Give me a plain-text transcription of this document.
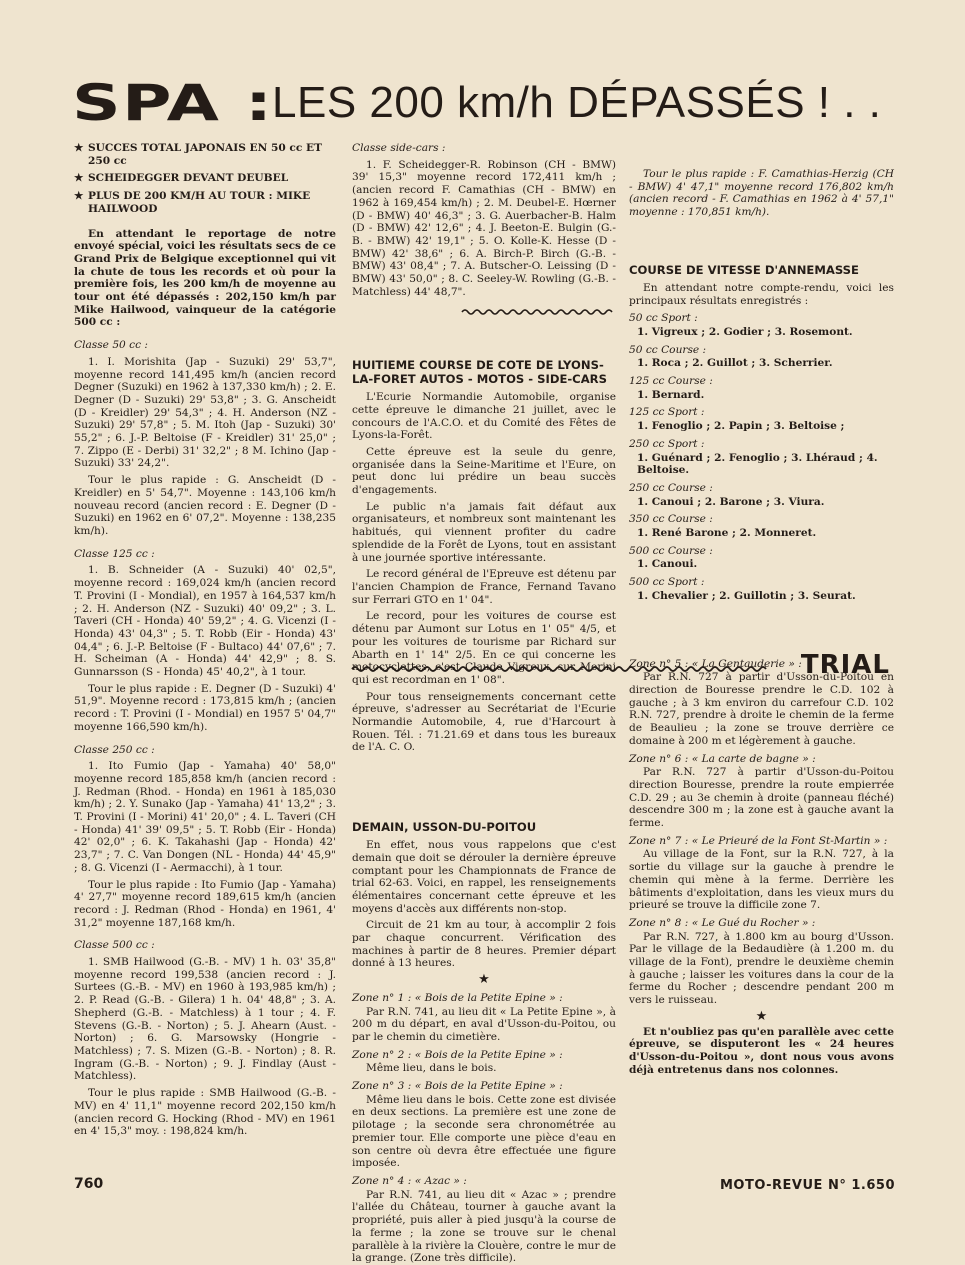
SPA :
LES 200 km/h DÉPASSÉS ! . .
★ SUCCES TOTAL JAPONAIS EN 50 cc ET 250 cc
★ SCHEIDEGGER DEVANT DEUBEL
★ PLUS DE 200 KM/H AU TOUR : MIKE HAILWOOD

En attendant le reportage de notre envoyé spécial, voici les résultats secs de ce Grand Prix de Belgique exceptionnel qui vit la chute de tous les records et où pour la première fois, les 200 km/h de moyenne au tour ont été dépassés : 202,150 km/h par Mike Hailwood, vainqueur de la catégorie 500 cc :

Classe 50 cc :

1. I. Morishita (Jap - Suzuki) 29' 53,7", moyenne record 141,495 km/h (ancien record Degner (Suzuki) en 1962 à 137,330 km/h) ; 2. E. Degner (D - Suzuki) 29' 53,8" ; 3. G. Anscheidt (D - Kreidler) 29' 54,3" ; 4. H. Anderson (NZ - Suzuki) 29' 57,8" ; 5. M. Itoh (Jap - Suzuki) 30' 55,2" ; 6. J.-P. Beltoise (F - Kreidler) 31' 25,0" ; 7. Zippo (E - Derbi) 31' 32,2" ; 8 M. Ichino (Jap - Suzuki) 33' 24,2".

Tour le plus rapide : G. Anscheidt (D - Kreidler) en 5' 54,7". Moyenne : 143,106 km/h nouveau record (ancien record : E. Degner (D - Suzuki) en 1962 en 6' 07,2". Moyenne : 138,235 km/h).

Classe 125 cc :

1. B. Schneider (A - Suzuki) 40' 02,5", moyenne record : 169,024 km/h (ancien record T. Provini (I - Mondial), en 1957 à 164,537 km/h ; 2. H. Anderson (NZ - Suzuki) 40' 09,2" ; 3. L. Taveri (CH - Honda) 40' 59,2" ; 4. G. Vicenzi (I - Honda) 43' 04,3" ; 5. T. Robb (Eir - Honda) 43' 04,4" ; 6. J.-P. Beltoise (F - Bultaco) 44' 07,6" ; 7. H. Scheiman (A - Honda) 44' 42,9" ; 8. S. Gunnarsson (S - Honda) 45' 40,2", à 1 tour.

Tour le plus rapide : E. Degner (D - Suzuki) 4' 51,9". Moyenne record : 173,815 km/h ; (ancien record : T. Provini (I - Mondial) en 1957 5' 04,7" moyenne 166,590 km/h).

Classe 250 cc :

1. Ito Fumio (Jap - Yamaha) 40' 58,0" moyenne record 185,858 km/h (ancien record : J. Redman (Rhod. - Honda) en 1961 à 185,030 km/h) ; 2. Y. Sunako (Jap - Yamaha) 41' 13,2" ; 3. T. Provini (I - Morini) 41' 20,0" ; 4. L. Taveri (CH - Honda) 41' 39' 09,5" ; 5. T. Robb (Eir - Honda) 42' 02,0" ; 6. K. Takahashi (Jap - Honda) 42' 23,7" ; 7. C. Van Dongen (NL - Honda) 44' 45,9" ; 8. G. Vicenzi (I - Aermacchi), à 1 tour.

Tour le plus rapide : Ito Fumio (Jap - Yamaha) 4' 27,7" moyenne record 189,615 km/h (ancien record : J. Redman (Rhod - Honda) en 1961, 4' 31,2" moyenne 187,168 km/h.

Classe 500 cc :

1. SMB Hailwood (G.-B. - MV) 1 h. 03' 35,8" moyenne record 199,538 (ancien record : J. Surtees (G.-B. - MV) en 1960 à 193,985 km/h) ; 2. P. Read (G.-B. - Gilera) 1 h. 04' 48,8" ; 3. A. Shepherd (G.-B. - Matchless) à 1 tour ; 4. F. Stevens (G.-B. - Norton) ; 5. J. Ahearn (Aust. - Norton) ; 6. G. Marsowsky (Hongrie - Matchless) ; 7. S. Mizen (G.-B. - Norton) ; 8. R. Ingram (G.-B. - Norton) ; 9. J. Findlay (Aust - Matchless).

Tour le plus rapide : SMB Hailwood (G.-B. - MV) en 4' 11,1" moyenne record 202,150 km/h (ancien record G. Hocking (Rhod - MV) en 1961 en 4' 15,3" moy. : 198,824 km/h.

Classe side-cars :

1. F. Scheidegger-R. Robinson (CH - BMW) 39' 15,3" moyenne record 172,411 km/h ; (ancien record F. Camathias (CH - BMW) en 1962 à 169,454 km/h) ; 2. M. Deubel-E. Hœrner (D - BMW) 40' 46,3" ; 3. G. Auerbacher-B. Halm (D - BMW) 42' 12,6" ; 4. J. Beeton-E. Bulgin (G.-B. - BMW) 42' 19,1" ; 5. O. Kolle-K. Hesse (D - BMW) 42' 38,6" ; 6. A. Birch-P. Birch (G.-B. - BMW) 43' 08,4" ; 7. A. Butscher-O. Leissing (D - BMW) 43' 50,0" ; 8. C. Seeley-W. Rowling (G.-B. - Matchless) 44' 48,7".

HUITIEME COURSE DE COTE DE LYONS-LA-FORET AUTOS - MOTOS - SIDE-CARS

L'Ecurie Normandie Automobile, organise cette épreuve le dimanche 21 juillet, avec le concours de l'A.C.O. et du Comité des Fêtes de Lyons-la-Forêt.

Cette épreuve est la seule du genre, organisée dans la Seine-Maritime et l'Eure, on peut donc lui prédire un beau succès d'engagements.

Le public n'a jamais fait défaut aux organisateurs, et nombreux sont maintenant les habitués, qui viennent profiter du cadre splendide de la Forêt de Lyons, tout en assistant à une journée sportive intéressante.

Le record général de l'Epreuve est détenu par l'ancien Champion de France, Fernand Tavano sur Ferrari GTO en 1' 04".

Le record, pour les voitures de course est détenu par Aumont sur Lotus en 1' 05" 4/5, et pour les voitures de tourisme par Richard sur Abarth en 1' 14" 2/5. En ce qui concerne les motocyclettes, c'est Claude Vigreux, sur Morini qui est recordman en 1' 08".

Pour tous renseignements concernant cette épreuve, s'adresser au Secrétariat de l'Ecurie Normandie Automobile, 4, rue d'Harcourt à Rouen. Tél. : 71.21.69 et dans tous les bureaux de l'A. C. O.

DEMAIN, USSON-DU-POITOU

En effet, nous vous rappelons que c'est demain que doit se dérouler la dernière épreuve comptant pour les Championnats de France de trial 62-63. Voici, en rappel, les renseignements élémentaires concernant cette épreuve et les moyens d'accès aux différents non-stop.

Circuit de 21 km au tour, à accomplir 2 fois par chaque concurrent. Vérification des machines à partir de 8 heures. Premier départ donné à 13 heures.

★
Zone n° 1 : « Bois de la Petite Epine » :

Par R.N. 741, au lieu dit « La Petite Epine », à 200 m du départ, en aval d'Usson-du-Poitou, ou par le chemin du cimetière.

Zone n° 2 : « Bois de la Petite Epine » :

Même lieu, dans le bois.

Zone n° 3 : « Bois de la Petite Epine » :

Même lieu dans le bois. Cette zone est divisée en deux sections. La première est une zone de pilotage ; la seconde sera chronométrée au premier tour. Elle comporte une pièce d'eau en son centre où devra être effectuée une figure imposée.

Zone n° 4 : « Azac » :

Par R.N. 741, au lieu dit « Azac » ; prendre l'allée du Château, tourner à gauche avant la propriété, puis aller à pied jusqu'à la course de la ferme ; la zone se trouve sur le chenal parallèle à la rivière la Clouère, contre le mur de la grange. (Zone très difficile).

Tour le plus rapide : F. Camathias-Herzig (CH - BMW) 4' 47,1" moyenne record 176,802 km/h (ancien record - F. Camathias en 1962 à 4' 57,1" moyenne : 170,851 km/h).

COURSE DE VITESSE D'ANNEMASSE

En attendant notre compte-rendu, voici les principaux résultats enregistrés :

50 cc Sport :
1. Vigreux ; 2. Godier ; 3. Rosemont.
50 cc Course :
1. Roca ; 2. Guillot ; 3. Scherrier.
125 cc Course :
1. Bernard.
125 cc Sport :
1. Fenoglio ; 2. Papin ; 3. Beltoise ;
250 cc Sport :
1. Guénard ; 2. Fenoglio ; 3. Lhéraud ; 4. Beltoise.
250 cc Course :
1. Canoui ; 2. Barone ; 3. Viura.
350 cc Course :
1. René Barone ; 2. Monneret.
500 cc Course :
1. Canoui.
500 cc Sport :
1. Chevalier ; 2. Guillotin ; 3. Seurat.
Zone n° 5 : « La Gentauderie » :

Par R.N. 727 à partir d'Usson-du-Poitou en direction de Bouresse prendre le C.D. 102 à gauche ; à 3 km environ du carrefour C.D. 102 R.N. 727, prendre à droite le chemin de la ferme de Beaulieu ; la zone se trouve derrière ce domaine à 200 m et légèrement à gauche.

Zone n° 6 : « La carte de bagne » :

Par R.N. 727 à partir d'Usson-du-Poitou direction Bouresse, prendre la route empierrée C.D. 29 ; au 3e chemin à droite (panneau fléché) descendre 300 m ; la zone est à gauche avant la ferme.

Zone n° 7 : « Le Prieuré de la Font St-Martin » :

Au village de la Font, sur la R.N. 727, à la sortie du village sur la gauche à prendre le chemin qui mène à la ferme. Derrière les bâtiments d'exploitation, dans les vieux murs du prieuré se trouve la difficile zone 7.

Zone n° 8 : « Le Gué du Rocher » :

Par R.N. 727, à 1.800 km au bourg d'Usson. Par le village de la Bedaudière (à 1.200 m. du village de la Font), prendre le deuxième chemin à gauche ; laisser les voitures dans la cour de la ferme du Rocher ; descendre pendant 200 m vers le ruisseau.

★

Et n'oubliez pas qu'en parallèle avec cette épreuve, se disputeront les « 24 heures d'Usson-du-Poitou », dont nous vous avons déjà entretenus dans nos colonnes.

TRIAL
760	MOTO-REVUE N° 1.650
